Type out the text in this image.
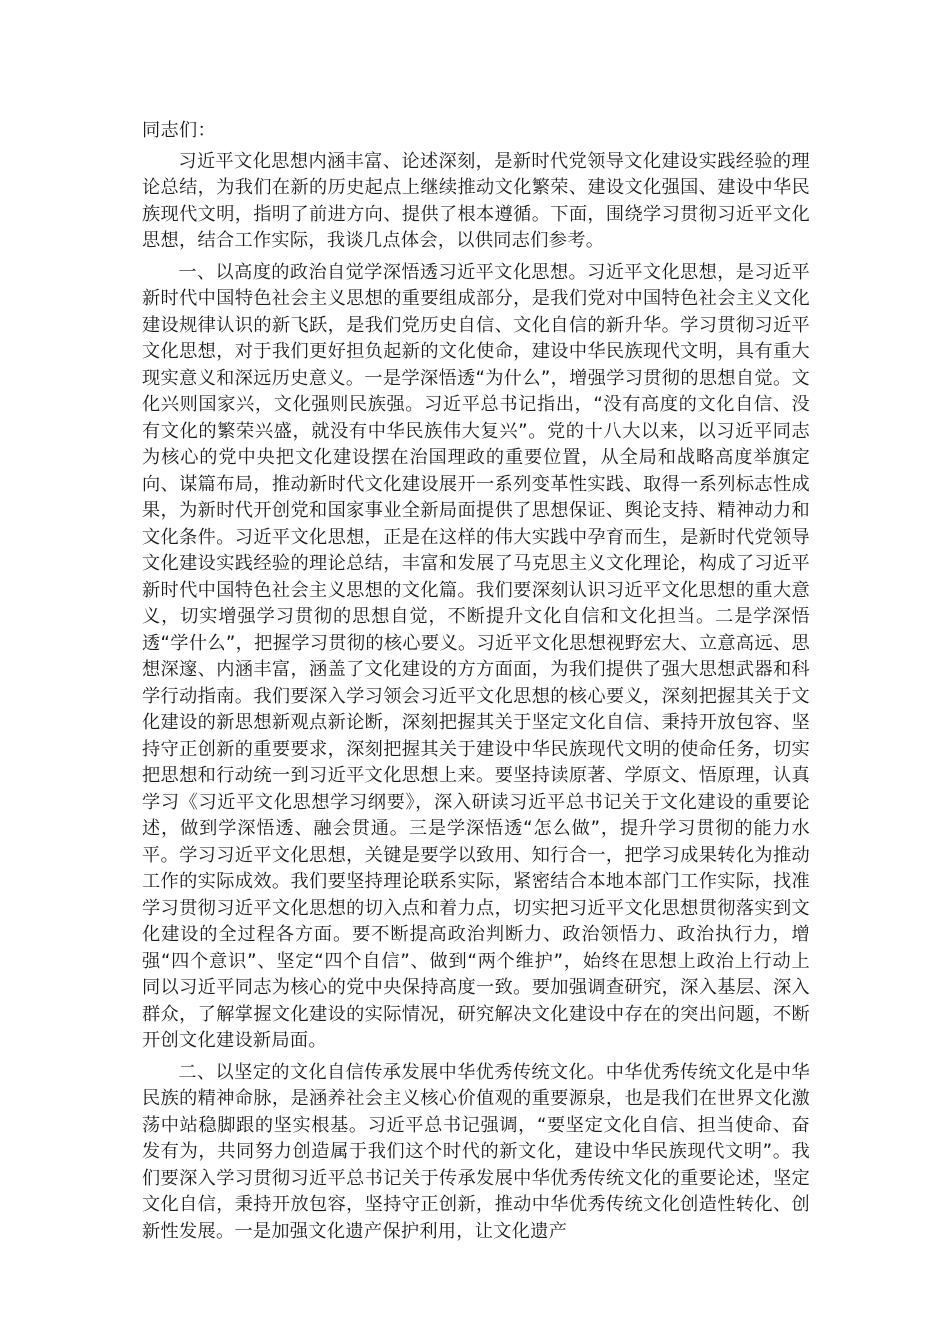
同志们：

习近平文化思想内涵丰富、论述深刻，是新时代党领导文化建设实践经验的理论总结，为我们在新的历史起点上继续推动文化繁荣、建设文化强国、建设中华民族现代文明，指明了前进方向、提供了根本遵循。下面，围绕学习贯彻习近平文化思想，结合工作实际，我谈几点体会，以供同志们参考。

一、以高度的政治自觉学深悟透习近平文化思想。习近平文化思想，是习近平新时代中国特色社会主义思想的重要组成部分，是我们党对中国特色社会主义文化建设规律认识的新飞跃，是我们党历史自信、文化自信的新升华。学习贯彻习近平文化思想，对于我们更好担负起新的文化使命，建设中华民族现代文明，具有重大现实意义和深远历史意义。一是学深悟透“为什么”，增强学习贯彻的思想自觉。文化兴则国家兴，文化强则民族强。习近平总书记指出，“没有高度的文化自信、没有文化的繁荣兴盛，就没有中华民族伟大复兴”。党的十八大以来，以习近平同志为核心的党中央把文化建设摆在治国理政的重要位置，从全局和战略高度举旗定向、谋篇布局，推动新时代文化建设展开一系列变革性实践、取得一系列标志性成果，为新时代开创党和国家事业全新局面提供了思想保证、舆论支持、精神动力和文化条件。习近平文化思想，正是在这样的伟大实践中孕育而生，是新时代党领导文化建设实践经验的理论总结，丰富和发展了马克思主义文化理论，构成了习近平新时代中国特色社会主义思想的文化篇。我们要深刻认识习近平文化思想的重大意义，切实增强学习贯彻的思想自觉，不断提升文化自信和文化担当。二是学深悟透“学什么”，把握学习贯彻的核心要义。习近平文化思想视野宏大、立意高远、思想深邃、内涵丰富，涵盖了文化建设的方方面面，为我们提供了强大思想武器和科学行动指南。我们要深入学习领会习近平文化思想的核心要义，深刻把握其关于文化建设的新思想新观点新论断，深刻把握其关于坚定文化自信、秉持开放包容、坚持守正创新的重要要求，深刻把握其关于建设中华民族现代文明的使命任务，切实把思想和行动统一到习近平文化思想上来。要坚持读原著、学原文、悟原理，认真学习《习近平文化思想学习纲要》，深入研读习近平总书记关于文化建设的重要论述，做到学深悟透、融会贯通。三是学深悟透“怎么做”，提升学习贯彻的能力水平。学习习近平文化思想，关键是要学以致用、知行合一，把学习成果转化为推动工作的实际成效。我们要坚持理论联系实际，紧密结合本地本部门工作实际，找准学习贯彻习近平文化思想的切入点和着力点，切实把习近平文化思想贯彻落实到文化建设的全过程各方面。要不断提高政治判断力、政治领悟力、政治执行力，增强“四个意识”、坚定“四个自信”、做到“两个维护”，始终在思想上政治上行动上同以习近平同志为核心的党中央保持高度一致。要加强调查研究，深入基层、深入群众，了解掌握文化建设的实际情况，研究解决文化建设中存在的突出问题，不断开创文化建设新局面。

二、以坚定的文化自信传承发展中华优秀传统文化。中华优秀传统文化是中华民族的精神命脉，是涵养社会主义核心价值观的重要源泉，也是我们在世界文化激荡中站稳脚跟的坚实根基。习近平总书记强调，“要坚定文化自信、担当使命、奋发有为，共同努力创造属于我们这个时代的新文化，建设中华民族现代文明”。我们要深入学习贯彻习近平总书记关于传承发展中华优秀传统文化的重要论述，坚定文化自信，秉持开放包容，坚持守正创新，推动中华优秀传统文化创造性转化、创新性发展。一是加强文化遗产保护利用，让文化遗产
